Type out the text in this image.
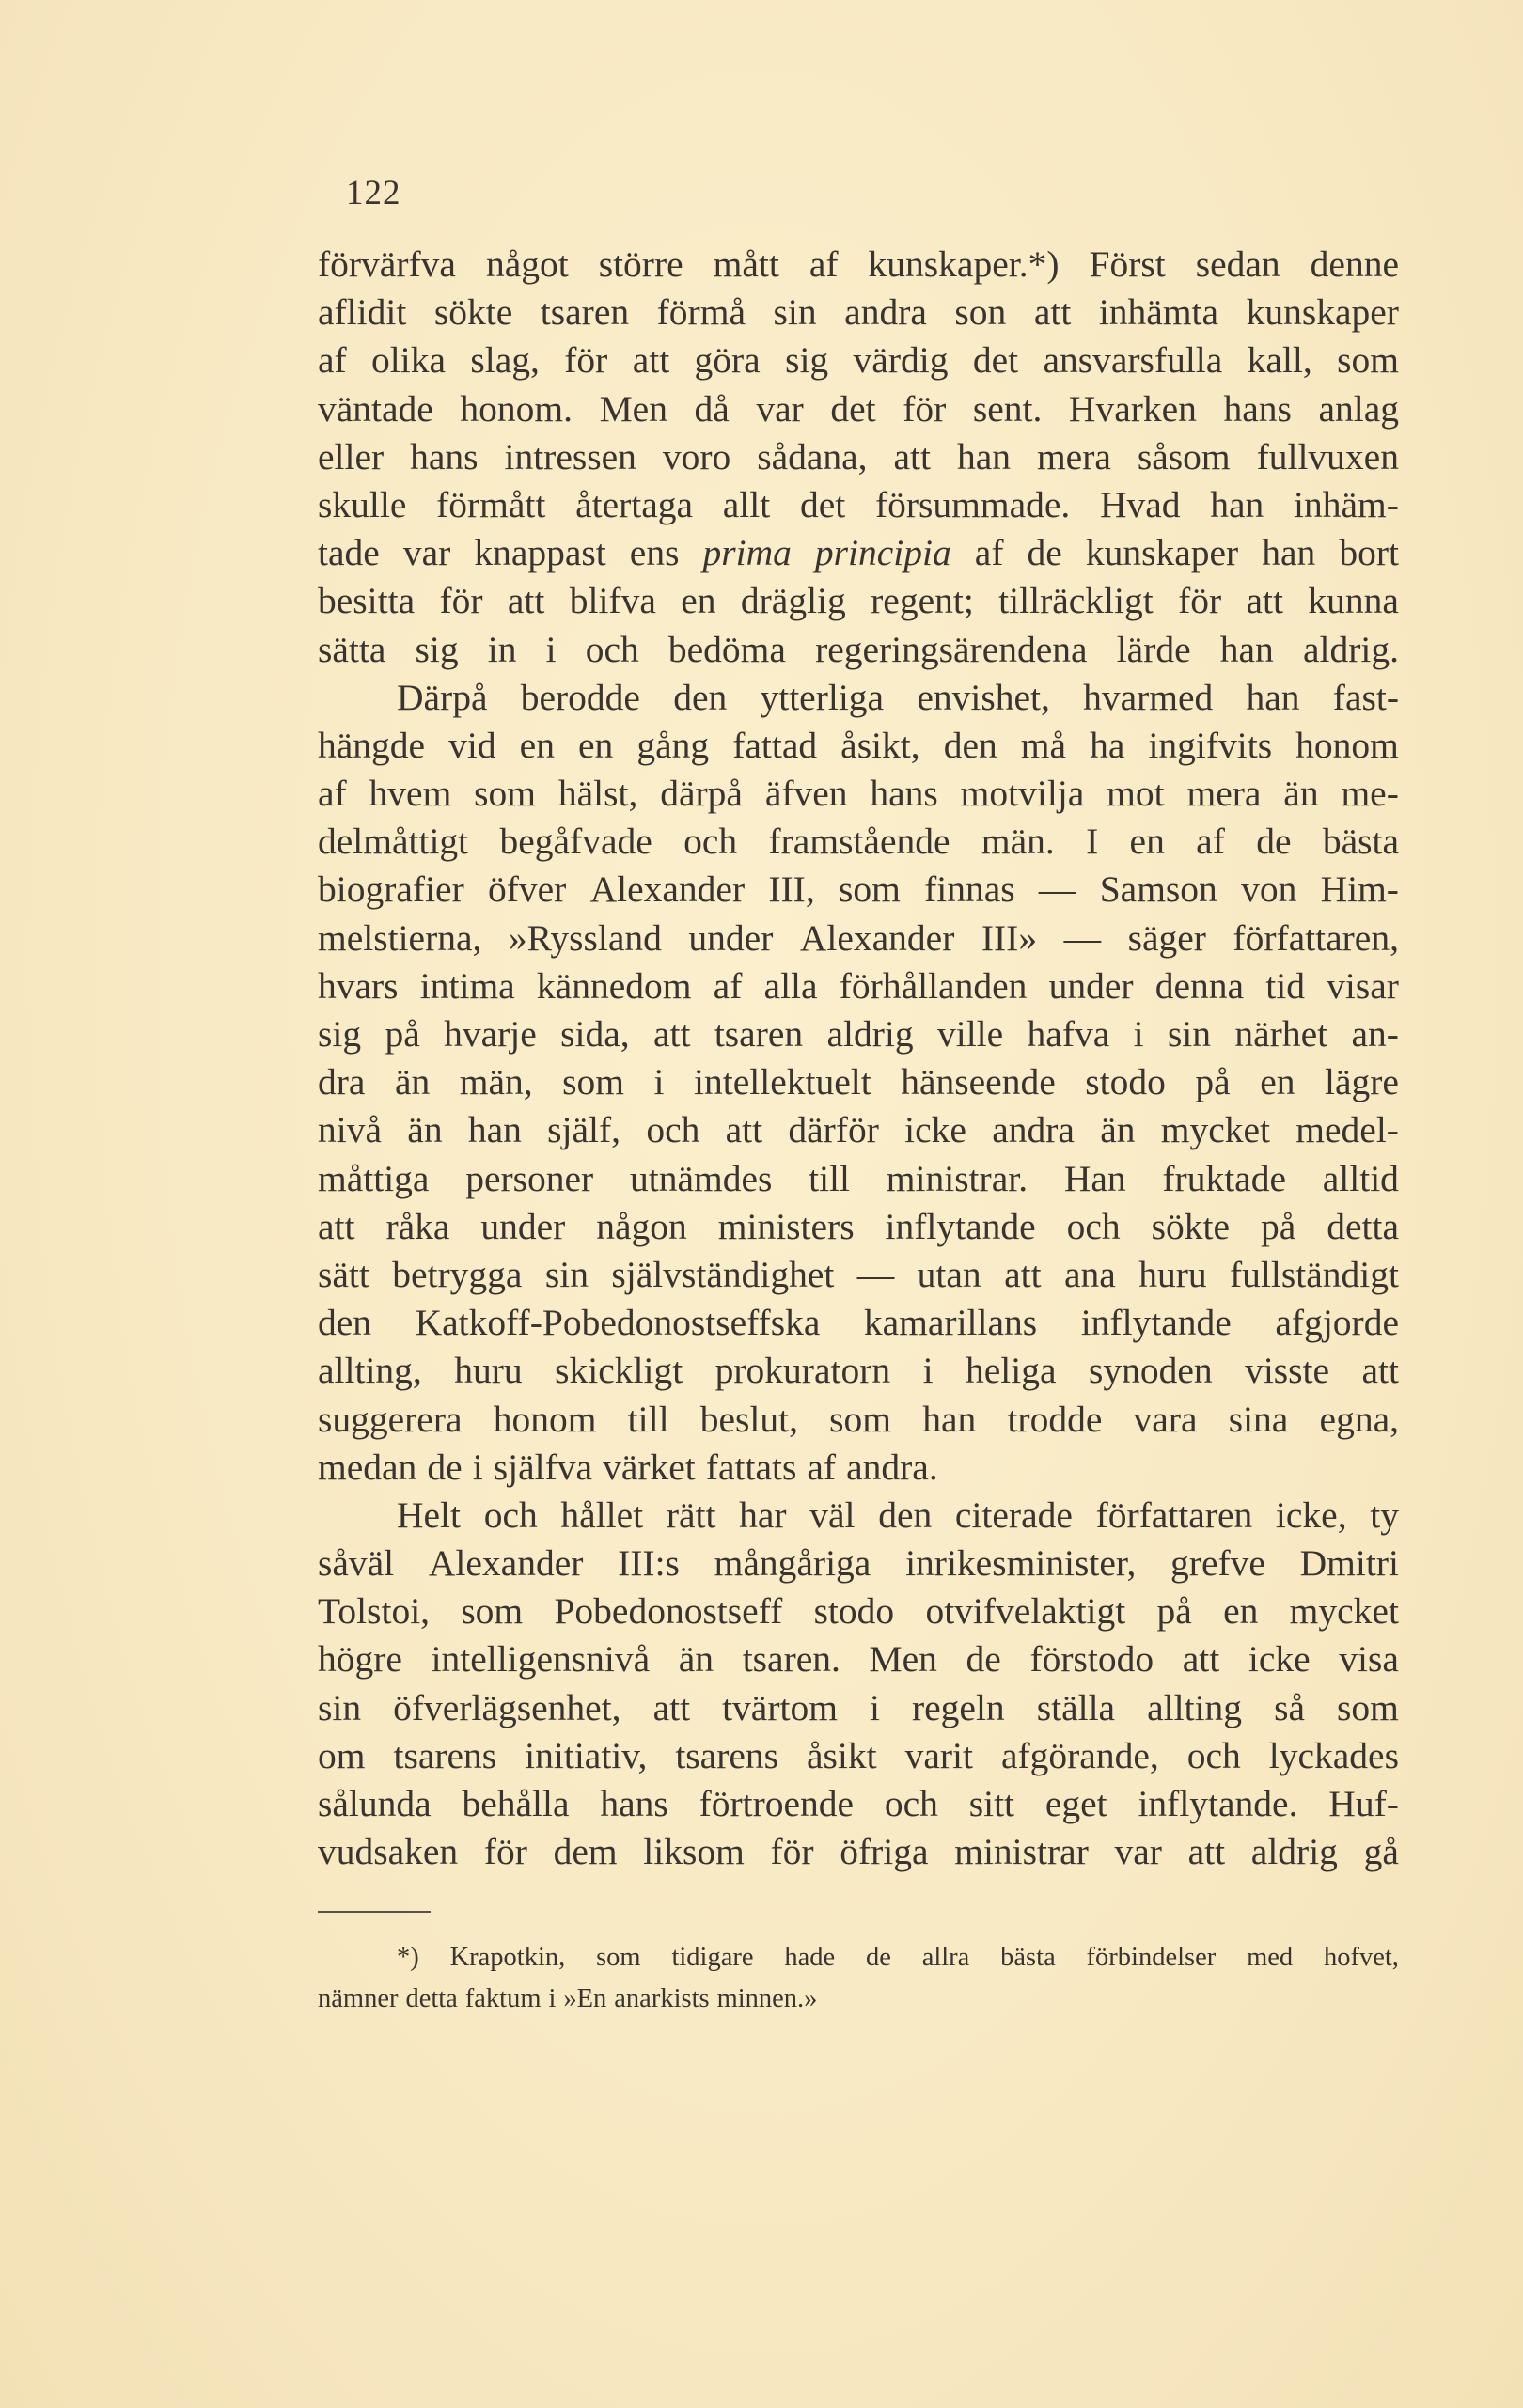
122
förvärfva något större mått af kunskaper.*) Först sedan denne
aflidit sökte tsaren förmå sin andra son att inhämta kunskaper
af olika slag, för att göra sig värdig det ansvarsfulla kall, som
väntade honom. Men då var det för sent. Hvarken hans anlag
eller hans intressen voro sådana, att han mera såsom fullvuxen
skulle förmått återtaga allt det försummade. Hvad han inhäm-
tade var knappast ens prima principia af de kunskaper han bort
besitta för att blifva en dräglig regent; tillräckligt för att kunna
sätta sig in i och bedöma regeringsärendena lärde han aldrig.
Därpå berodde den ytterliga envishet, hvarmed han fast-
hängde vid en en gång fattad åsikt, den må ha ingifvits honom
af hvem som hälst, därpå äfven hans motvilja mot mera än me-
delmåttigt begåfvade och framstående män. I en af de bästa
biografier öfver Alexander III, som finnas — Samson von Him-
melstierna, »Ryssland under Alexander III» — säger författaren,
hvars intima kännedom af alla förhållanden under denna tid visar
sig på hvarje sida, att tsaren aldrig ville hafva i sin närhet an-
dra än män, som i intellektuelt hänseende stodo på en lägre
nivå än han själf, och att därför icke andra än mycket medel-
måttiga personer utnämdes till ministrar. Han fruktade alltid
att råka under någon ministers inflytande och sökte på detta
sätt betrygga sin självständighet — utan att ana huru fullständigt
den Katkoff-Pobedonostseffska kamarillans inflytande afgjorde
allting, huru skickligt prokuratorn i heliga synoden visste att
suggerera honom till beslut, som han trodde vara sina egna,
medan de i själfva värket fattats af andra.
Helt och hållet rätt har väl den citerade författaren icke, ty
såväl Alexander III:s mångåriga inrikesminister, grefve Dmitri
Tolstoi, som Pobedonostseff stodo otvifvelaktigt på en mycket
högre intelligensnivå än tsaren. Men de förstodo att icke visa
sin öfverlägsenhet, att tvärtom i regeln ställa allting så som
om tsarens initiativ, tsarens åsikt varit afgörande, och lyckades
sålunda behålla hans förtroende och sitt eget inflytande. Huf-
vudsaken för dem liksom för öfriga ministrar var att aldrig gå
*) Krapotkin, som tidigare hade de allra bästa förbindelser med hofvet,
nämner detta faktum i »En anarkists minnen.»
